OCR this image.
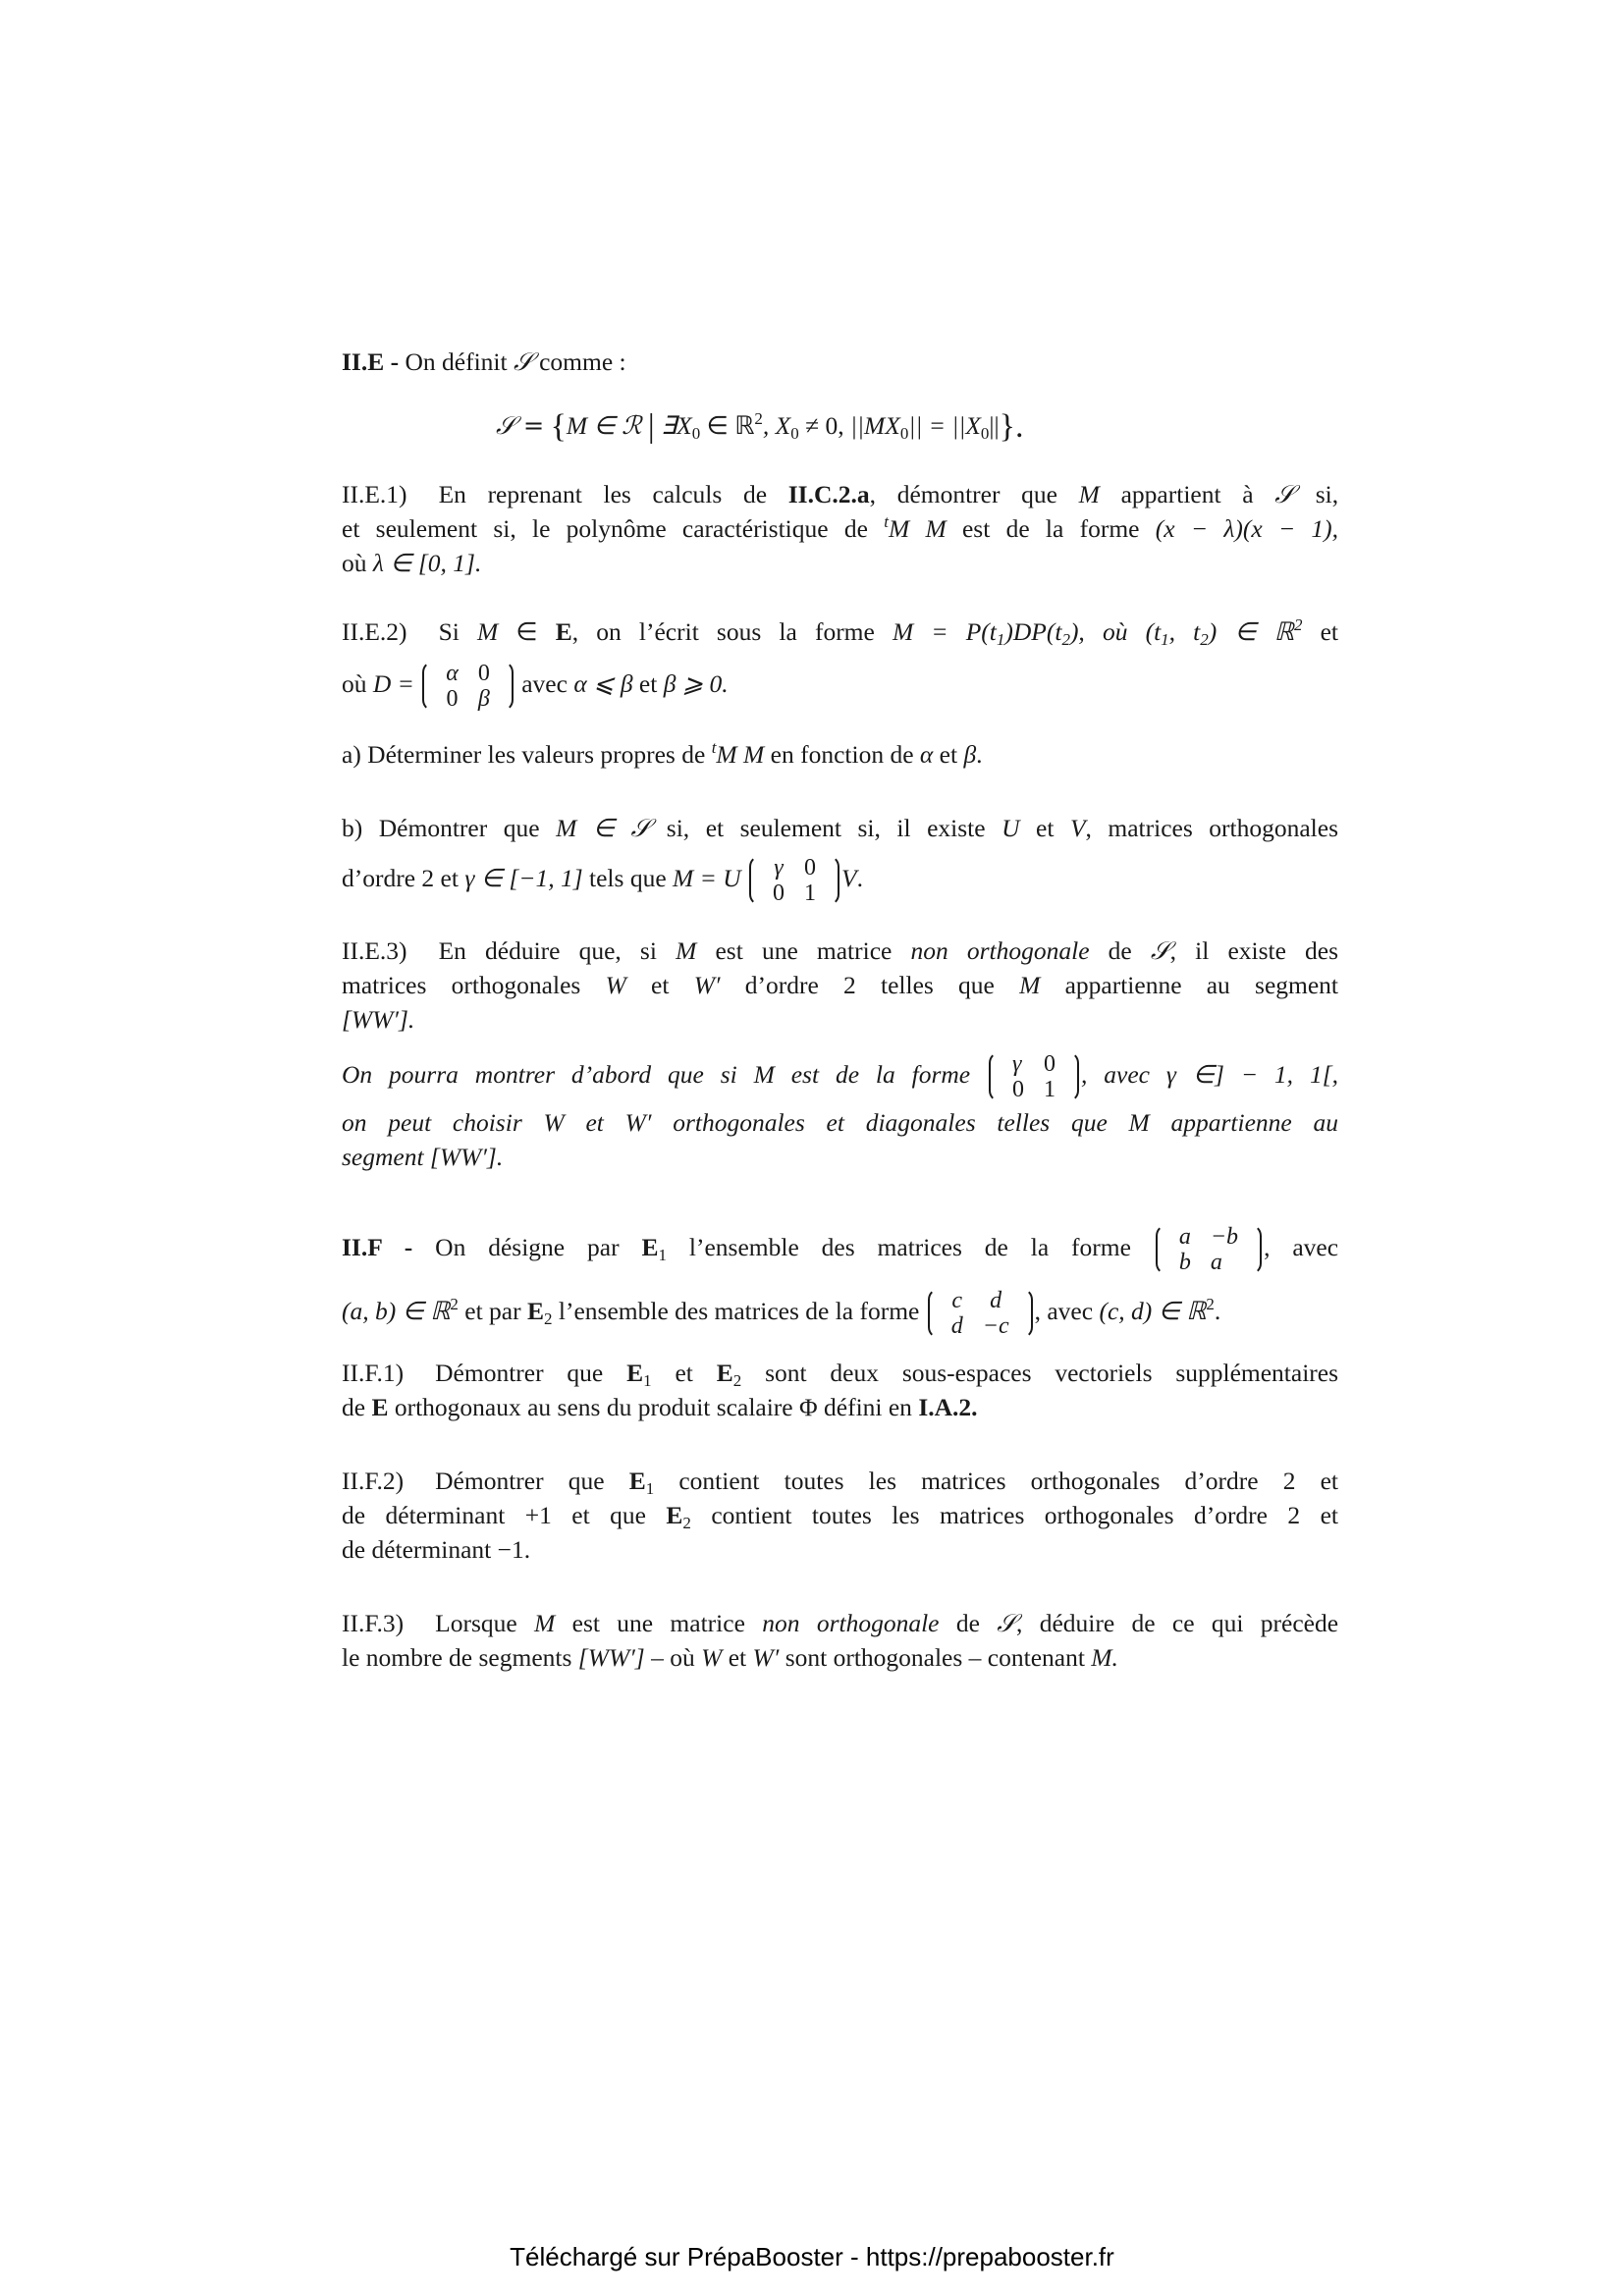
II.E - On définit 𝒮 comme :
𝒮 = {M ∈ ℛ | $\exists X_0$ ∈ ℝ$^2$, $X_0 \ne 0$, $||MX_0|| = ||X_0||$}.
II.E.1) En reprenant les calculs de II.C.2.a, démontrer que M appartient à 𝒮 si,
et seulement si, le polynôme caractéristique de $^t$M M est de la forme (x − λ)(x − 1),
où λ ∈ [0, 1].
II.E.2) Si M ∈ E, on l’écrit sous la forme $M = P(t_1)DP(t_2)$, où ($t_1$, $t_2$) ∈ ℝ$^2$ et
où D = α	0
0	β
avec α ⩽ β et β ⩾ 0.
a) Déterminer les valeurs propres de $^t$M M en fonction de α et β.
b) Démontrer que M ∈ 𝒮 si, et seulement si, il existe U et V, matrices orthogonales
d’ordre 2 et γ ∈ [−1, 1] tels que M = U γ	0
0	1
V.
II.E.3) En déduire que, si M est une matrice non orthogonale de 𝒮, il existe des
matrices orthogonales W et W′ d’ordre 2 telles que M appartienne au segment
[WW′].
On pourra montrer d’abord que si M est de la forme γ	0
0	1
, avec γ ∈] − 1, 1[,
on peut choisir W et W′ orthogonales et diagonales telles que M appartienne au
segment [WW′].
II.F - On désigne par $E_1$ l’ensemble des matrices de la forme a	−b
b	a
, avec
(a, b) ∈ ℝ$^2$ et par $E_2$ l’ensemble des matrices de la forme c	d
d	−c
, avec (c, d) ∈ ℝ$^2$.
II.F.1) Démontrer que $E_1$ et $E_2$ sont deux sous-espaces vectoriels supplémentaires
de E orthogonaux au sens du produit scalaire Φ défini en I.A.2.
II.F.2) Démontrer que $E_1$ contient toutes les matrices orthogonales d’ordre 2 et
de déterminant +1 et que $E_2$ contient toutes les matrices orthogonales d’ordre 2 et
de déterminant −1.
II.F.3) Lorsque M est une matrice non orthogonale de 𝒮, déduire de ce qui précède
le nombre de segments [WW′] – où W et W′ sont orthogonales – contenant M.
Téléchargé sur PrépaBooster - https://prepabooster.fr
